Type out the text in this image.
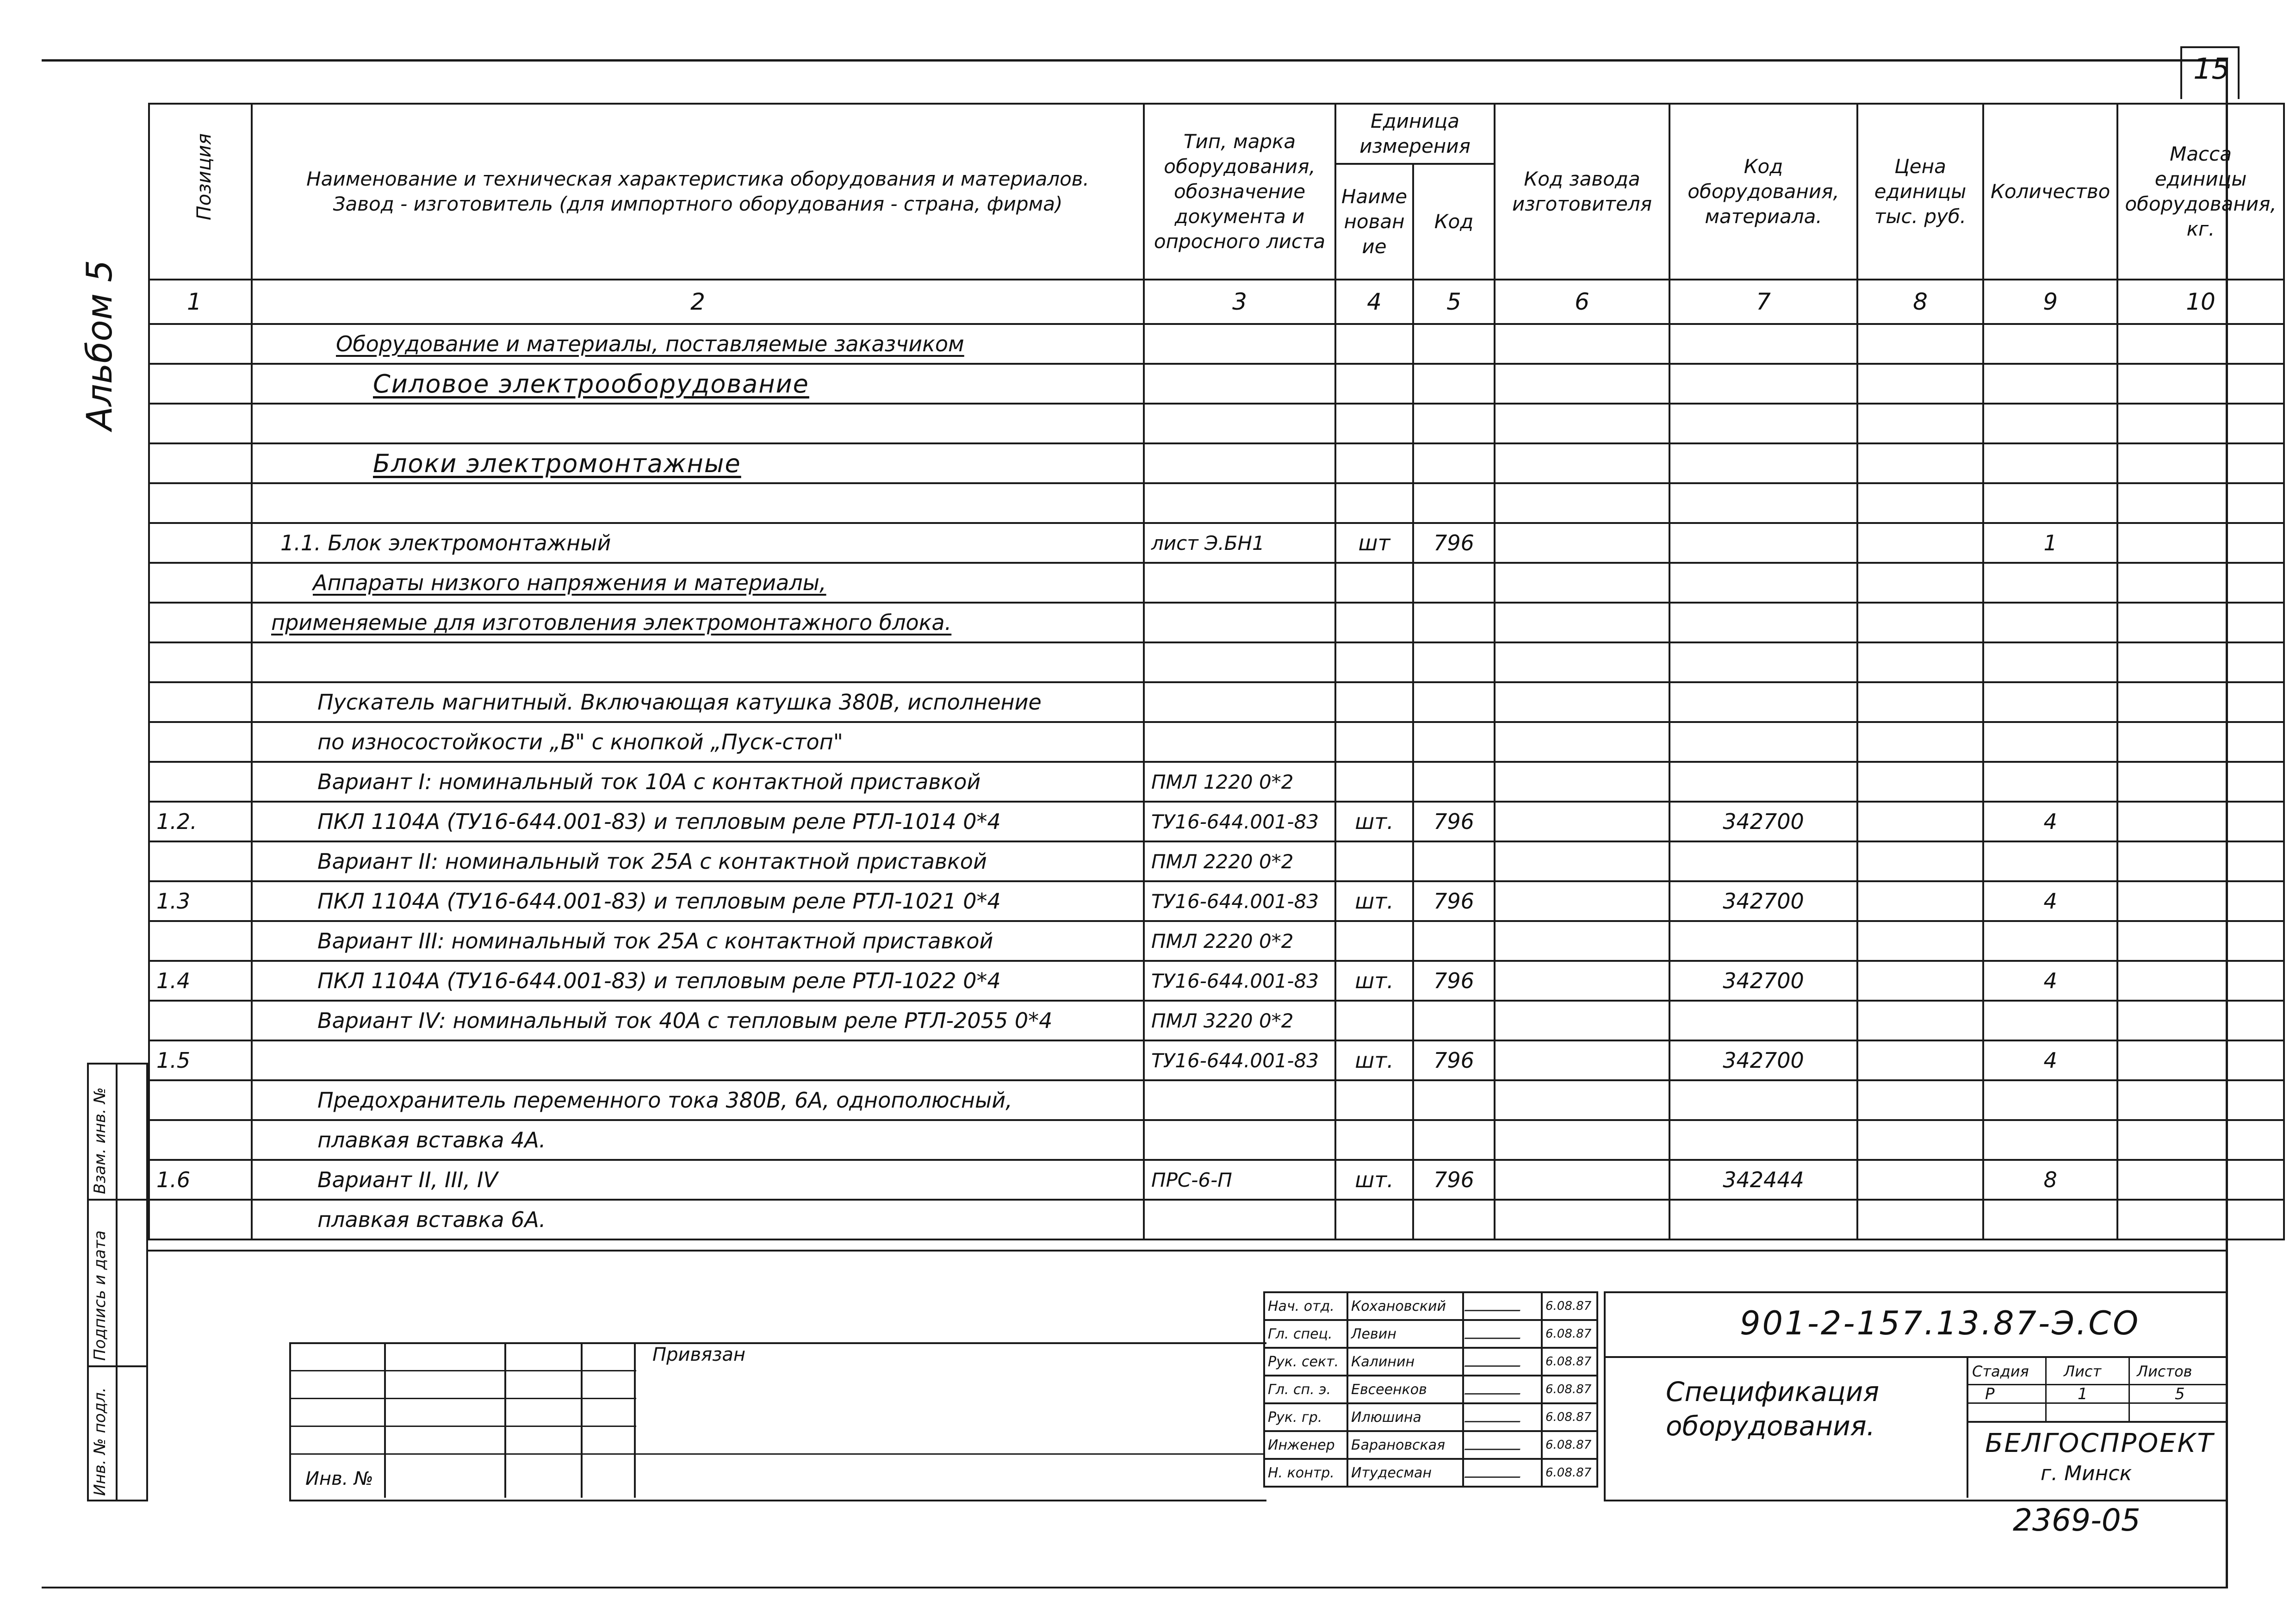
15
Альбом 5
Позиция	Наименование и техническая характеристика оборудования и материалов. Завод - изготовитель (для импортного оборудования - страна, фирма)	Тип, марка оборудования, обозначение документа и опросного листа	Единица измерения		Код завода изготовителя	Код оборудования, материала.	Цена единицы тыс. руб.	Количество	Масса единицы оборудования, кг.
			Наименование	Код					
1	2	3	4	5	6	7	8	9	10
	Оборудование и материалы, поставляемые заказчиком								
	Силовое электрооборудование								

	Блоки электромонтажные								

	1.1. Блок электромонтажный	лист Э.БН1	шт	796				1	
	Аппараты низкого напряжения и материалы,								
	применяемые для изготовления электромонтажного блока.								

	Пускатель магнитный. Включающая катушка 380В, исполнение								
	по износостойкости „В" с кнопкой „Пуск-стоп"								
	Вариант I: номинальный ток 10А с контактной приставкой	ПМЛ 1220 0*2							
1.2.	ПКЛ 1104А (ТУ16-644.001-83) и тепловым реле РТЛ-1014 0*4	ТУ16-644.001-83	шт.	796		342700		4	
	Вариант II: номинальный ток 25А с контактной приставкой	ПМЛ 2220 0*2							
1.3	ПКЛ 1104А (ТУ16-644.001-83) и тепловым реле РТЛ-1021 0*4	ТУ16-644.001-83	шт.	796		342700		4	
	Вариант III: номинальный ток 25А с контактной приставкой	ПМЛ 2220 0*2							
1.4	ПКЛ 1104А (ТУ16-644.001-83) и тепловым реле РТЛ-1022 0*4	ТУ16-644.001-83	шт.	796		342700		4	
	Вариант IV: номинальный ток 40А с тепловым реле РТЛ-2055 0*4	ПМЛ 3220 0*2							
1.5		ТУ16-644.001-83	шт.	796		342700		4	
	Предохранитель переменного тока 380В, 6А, однополюсный,								
	плавкая вставка 4А.								
1.6	Вариант II, III, IV	ПРС-6-П	шт.	796		342444		8	
	плавкая вставка 6А.								
Взам. инв. №
Подпись и дата
Инв. № подл.
Привязан
Инв. №
Нач. отд.	Кохановский		6.08.87
Гл. спец.	Левин		6.08.87
Рук. сект.	Калинин		6.08.87
Гл. сп. э.	Евсеенков		6.08.87
Рук. гр.	Илюшина		6.08.87
Инженер	Барановская		6.08.87
Н. контр.	Итудесман		6.08.87
901-2-157.13.87-Э.СО
Спецификация оборудования.
Стадия Лист Листов
Р	1	5
БЕЛГОСПРОЕКТ
г. Минск
2369-05
